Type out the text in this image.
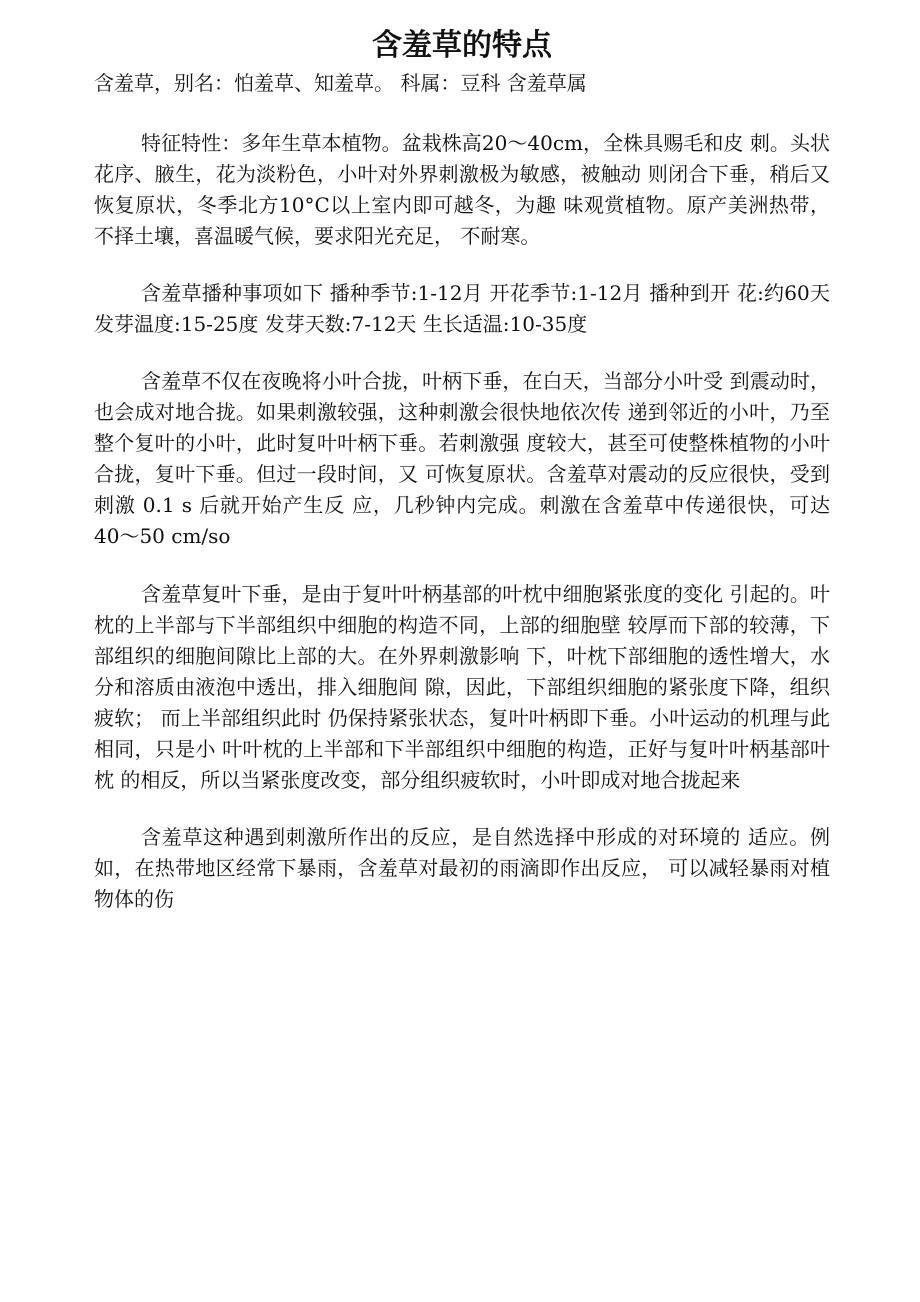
含羞草的特点
含羞草，别名：怕羞草、知羞草。 科属：豆科 含羞草属

特征特性：多年生草本植物。盆栽株高20〜40cm，全株具赐毛和皮 刺。头状花序、腋生，花为淡粉色，小叶对外界刺激极为敏感，被触动 则闭合下垂，稍后又恢复原状，冬季北方10°C以上室内即可越冬，为趣 味观赏植物。原产美洲热带，不择土壤，喜温暖气候，要求阳光充足， 不耐寒。

含羞草播种事项如下 播种季节:1-12月 开花季节:1-12月 播种到开 花:约60天 发芽温度:15-25度 发芽天数:7-12天 生长适温:10-35度

含羞草不仅在夜晚将小叶合拢，叶柄下垂，在白天，当部分小叶受 到震动时，也会成对地合拢。如果刺激较强，这种刺激会很快地依次传 递到邻近的小叶，乃至整个复叶的小叶，此时复叶叶柄下垂。若刺激强 度较大，甚至可使整株植物的小叶合拢，复叶下垂。但过一段时间，又 可恢复原状。含羞草对震动的反应很快，受到刺激 0.1 s 后就开始产生反 应，几秒钟内完成。刺激在含羞草中传递很快，可达40〜50 cm/so

含羞草复叶下垂，是由于复叶叶柄基部的叶枕中细胞紧张度的变化 引起的。叶枕的上半部与下半部组织中细胞的构造不同，上部的细胞壁 较厚而下部的较薄，下部组织的细胞间隙比上部的大。在外界刺激影响 下，叶枕下部细胞的透性增大，水分和溶质由液泡中透出，排入细胞间 隙，因此，下部组织细胞的紧张度下降，组织疲软； 而上半部组织此时 仍保持紧张状态，复叶叶柄即下垂。小叶运动的机理与此相同，只是小 叶叶枕的上半部和下半部组织中细胞的构造，正好与复叶叶柄基部叶枕 的相反，所以当紧张度改变，部分组织疲软时，小叶即成对地合拢起来

含羞草这种遇到刺激所作出的反应，是自然选择中形成的对环境的 适应。例如，在热带地区经常下暴雨，含羞草对最初的雨滴即作出反应， 可以减轻暴雨对植物体的伤
